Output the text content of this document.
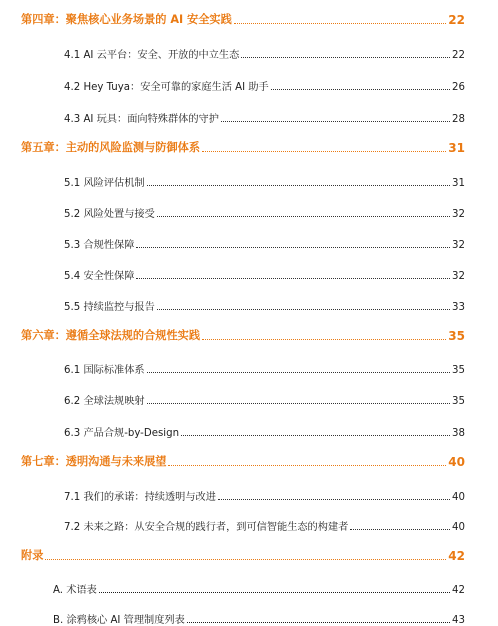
第四章：聚焦核心业务场景的 AI 安全实践	22
4.1 AI 云平台：安全、开放的中立生态	22
4.2 Hey Tuya：安全可靠的家庭生活 AI 助手	26
4.3 AI 玩具：面向特殊群体的守护	28
第五章：主动的风险监测与防御体系	31
5.1 风险评估机制	31
5.2 风险处置与接受	32
5.3 合规性保障	32
5.4 安全性保障	32
5.5 持续监控与报告	33
第六章：遵循全球法规的合规性实践	35
6.1 国际标准体系	35
6.2 全球法规映射	35
6.3 产品合规-by-Design	38
第七章：透明沟通与未来展望	40
7.1 我们的承诺：持续透明与改进	40
7.2 未来之路：从安全合规的践行者，到可信智能生态的构建者	40
附录	42
A. 术语表	42
B. 涂鸦核心 AI 管理制度列表	43
